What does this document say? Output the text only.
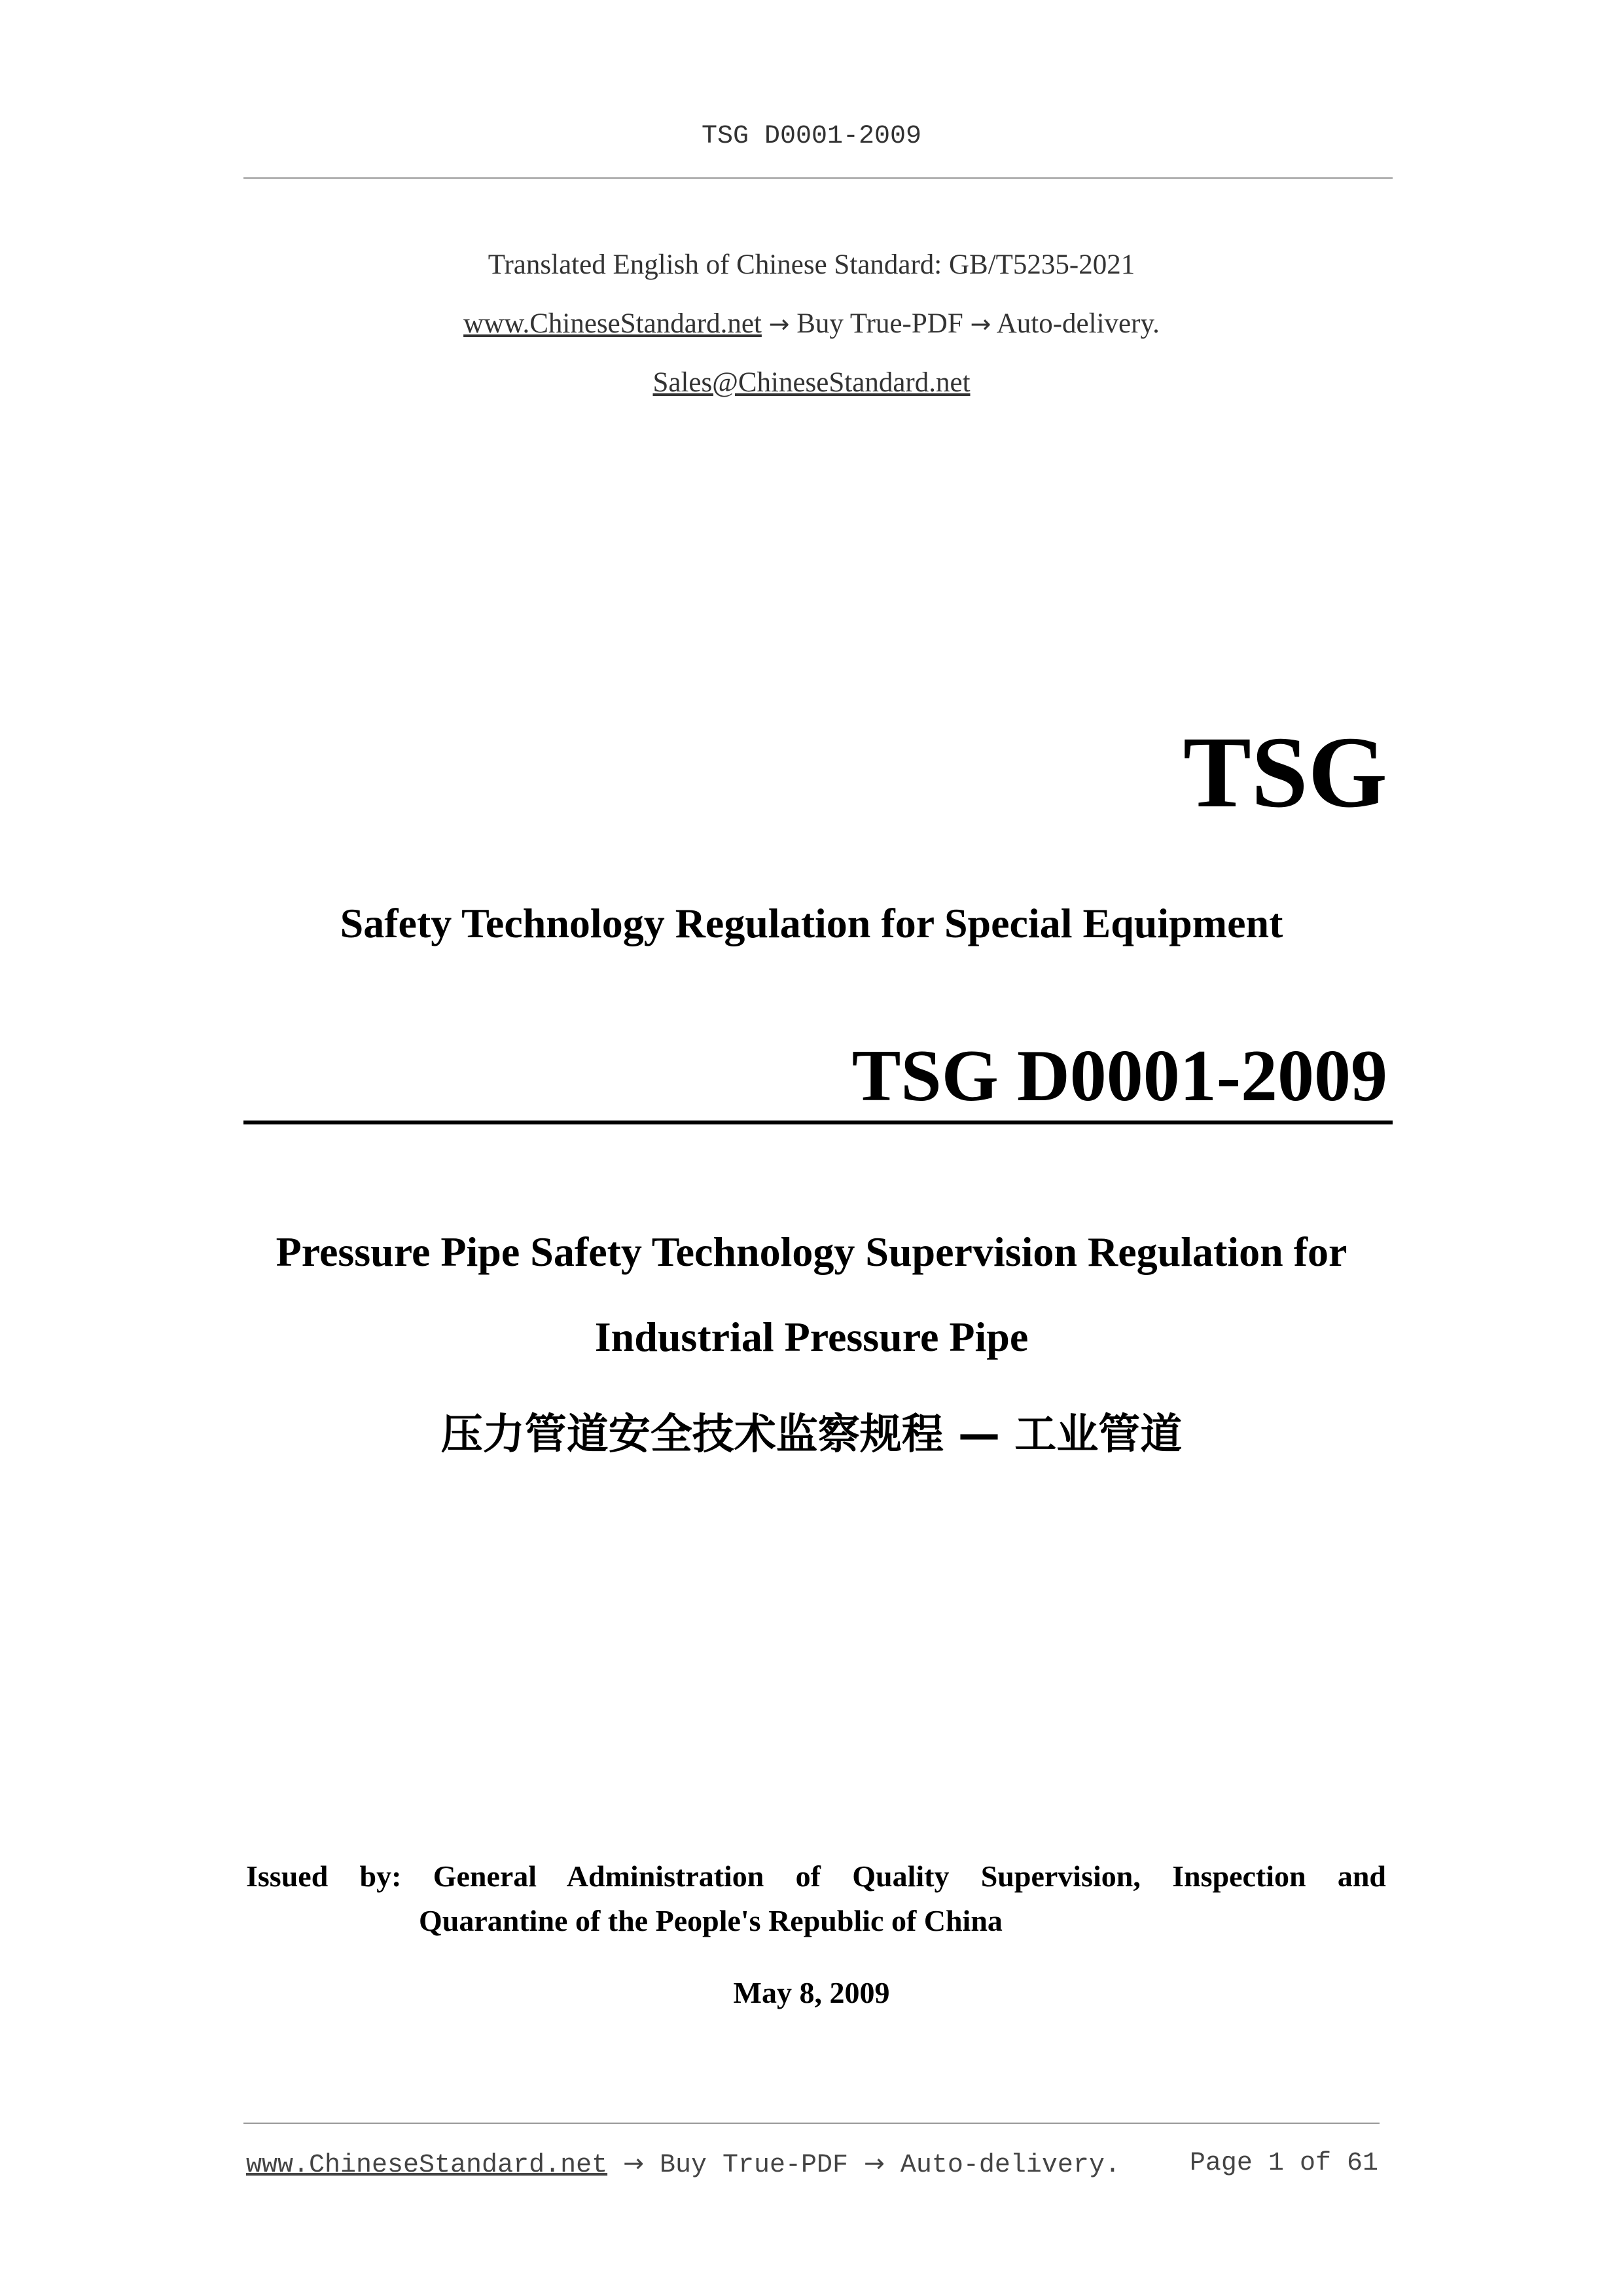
TSG D0001-2009
Translated English of Chinese Standard: GB/T5235-2021
www.ChineseStandard.net → Buy True-PDF → Auto-delivery.
Sales@ChineseStandard.net
TSG
Safety Technology Regulation for Special Equipment
TSG D0001-2009
Pressure Pipe Safety Technology Supervision Regulation for
Industrial Pressure Pipe
压力管道安全技术监察规程 — 工业管道
Issued by: General Administration of Quality Supervision, Inspection and
Quarantine of the People's Republic of China
May 8, 2009
www.ChineseStandard.net → Buy True-PDF → Auto-delivery.	Page 1 of 61
